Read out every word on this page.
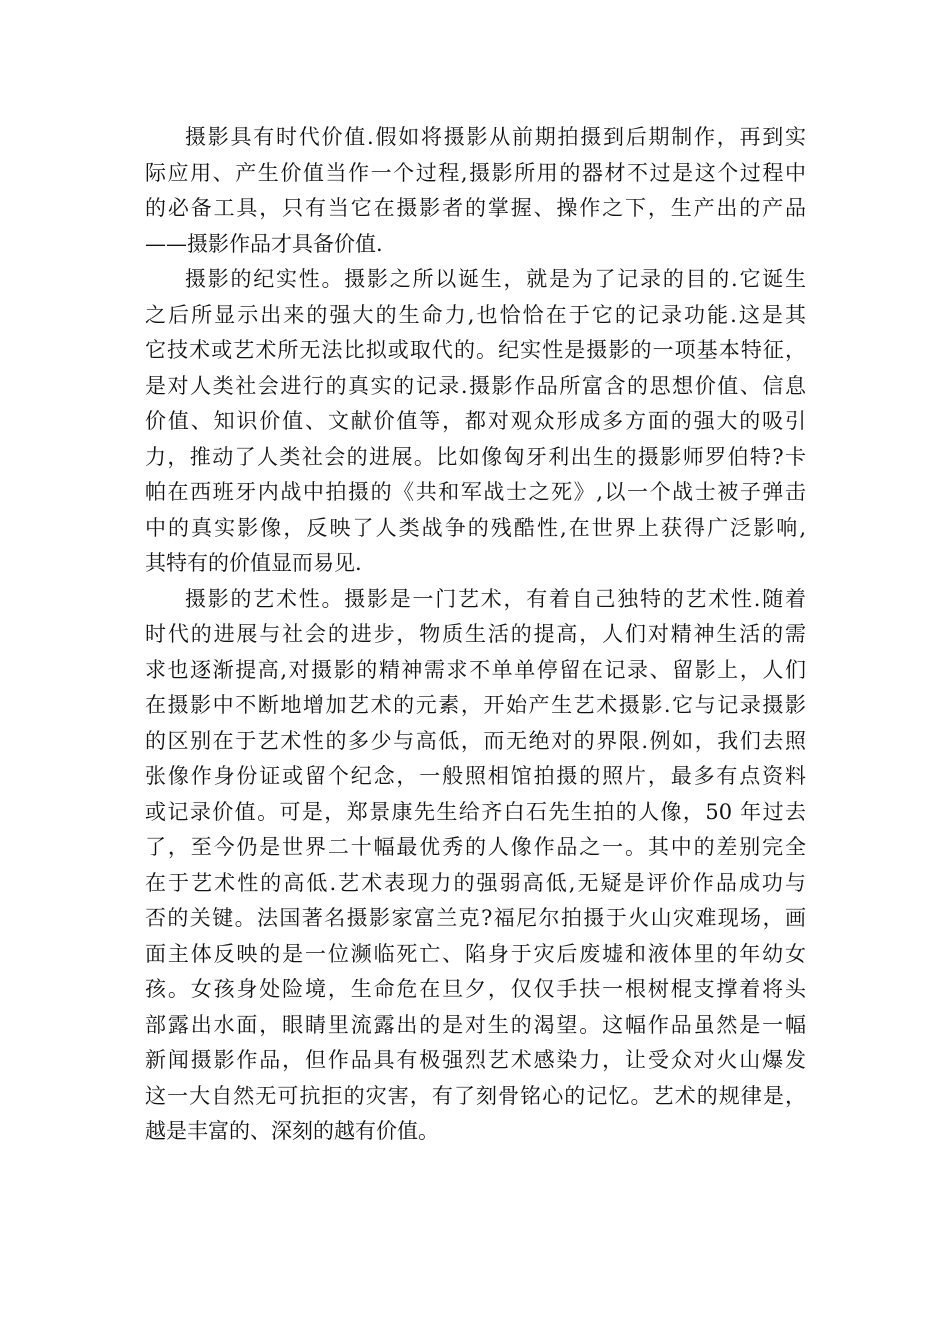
摄影具有时代价值.假如将摄影从前期拍摄到后期制作，再到实
际应用、产生价值当作一个过程,摄影所用的器材不过是这个过程中
的必备工具，只有当它在摄影者的掌握、操作之下，生产出的产品
——摄影作品才具备价值.

摄影的纪实性。摄影之所以诞生，就是为了记录的目的.它诞生
之后所显示出来的强大的生命力,也恰恰在于它的记录功能.这是其
它技术或艺术所无法比拟或取代的。纪实性是摄影的一项基本特征，
是对人类社会进行的真实的记录.摄影作品所富含的思想价值、信息
价值、知识价值、文献价值等，都对观众形成多方面的强大的吸引
力，推动了人类社会的进展。比如像匈牙利出生的摄影师罗伯特?卡
帕在西班牙内战中拍摄的《共和军战士之死》,以一个战士被子弹击
中的真实影像，反映了人类战争的残酷性,在世界上获得广泛影响,
其特有的价值显而易见.

摄影的艺术性。摄影是一门艺术，有着自己独特的艺术性.随着
时代的进展与社会的进步，物质生活的提高，人们对精神生活的需
求也逐渐提高,对摄影的精神需求不单单停留在记录、留影上，人们
在摄影中不断地增加艺术的元素，开始产生艺术摄影.它与记录摄影
的区别在于艺术性的多少与高低，而无绝对的界限.例如，我们去照
张像作身份证或留个纪念，一般照相馆拍摄的照片，最多有点资料
或记录价值。可是，郑景康先生给齐白石先生拍的人像，50 年过去
了，至今仍是世界二十幅最优秀的人像作品之一。其中的差别完全
在于艺术性的高低.艺术表现力的强弱高低,无疑是评价作品成功与
否的关键。法国著名摄影家富兰克?福尼尔拍摄于火山灾难现场，画
面主体反映的是一位濒临死亡、陷身于灾后废墟和液体里的年幼女
孩。女孩身处险境，生命危在旦夕，仅仅手扶一根树棍支撑着将头
部露出水面，眼睛里流露出的是对生的渴望。这幅作品虽然是一幅
新闻摄影作品，但作品具有极强烈艺术感染力，让受众对火山爆发
这一大自然无可抗拒的灾害，有了刻骨铭心的记忆。艺术的规律是，
越是丰富的、深刻的越有价值。
